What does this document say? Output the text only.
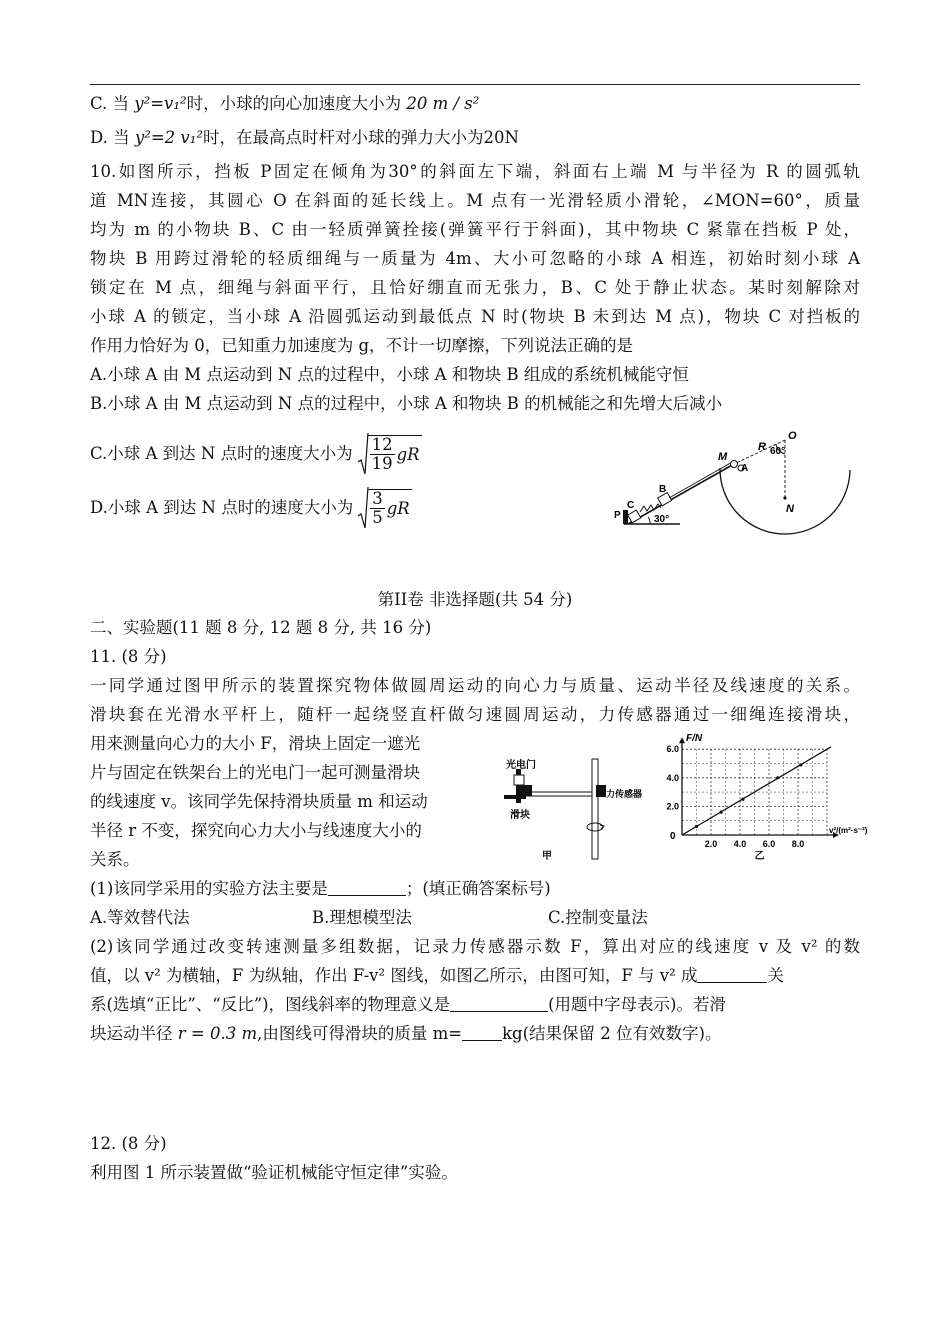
C. 当 y²=v₁²时，小球的向心加速度大小为 20 m / s²
D. 当 y²=2 v₁²时，在最高点时杆对小球的弹力大小为20N
10.如图所示，挡板 P固定在倾角为30°的斜面左下端，斜面右上端 M 与半径为 R 的圆弧轨
道 MN连接，其圆心 O 在斜面的延长线上。M 点有一光滑轻质小滑轮，∠MON=60°，质量
均为 m 的小物块 B、C 由一轻质弹簧拴接(弹簧平行于斜面)，其中物块 C 紧靠在挡板 P 处，
物块 B 用跨过滑轮的轻质细绳与一质量为 4m、大小可忽略的小球 A 相连，初始时刻小球 A
锁定在 M 点，细绳与斜面平行，且恰好绷直而无张力，B、C 处于静止状态。某时刻解除对
小球 A 的锁定，当小球 A 沿圆弧运动到最低点 N 时(物块 B 未到达 M 点)，物块 C 对挡板的
作用力恰好为 0，已知重力加速度为 g，不计一切摩擦，下列说法正确的是
A.小球 A 由 M 点运动到 N 点的过程中，小球 A 和物块 B 组成的系统机械能守恒
B.小球 A 由 M 点运动到 N 点的过程中，小球 A 和物块 B 的机械能之和先增大后减小
C.小球 A 到达 N 点时的速度大小为 12
19 gR
D.小球 A 到达 N 点时的速度大小为 3
5 gR
O
R 60°
M
A
B
C
P
N
30°
第II卷 非选择题(共 54 分)
二、实验题(11 题 8 分, 12 题 8 分, 共 16 分)
11. (8 分)
一同学通过图甲所示的装置探究物体做圆周运动的向心力与质量、运动半径及线速度的关系。
滑块套在光滑水平杆上，随杆一起绕竖直杆做匀速圆周运动，力传感器通过一细绳连接滑块，
用来测量向心力的大小 F，滑块上固定一遮光
片与固定在铁架台上的光电门一起可测量滑块
的线速度 v。该同学先保持滑块质量 m 和运动
半径 r 不变，探究向心力大小与线速度大小的
关系。
光电门
滑块
力传感器
甲
2.0 4.0 6.0 8.0
2.0
4.0
6.0
F/N
v²/(m²·s⁻²)
0
乙
(1)该同学采用的实验方法主要是	；(填正确答案标号)
A.等效替代法	B.理想模型法	C.控制变量法
(2)该同学通过改变转速测量多组数据，记录力传感器示数 F，算出对应的线速度 v 及 v² 的数
值，以 v² 为横轴，F 为纵轴，作出 F-v² 图线，如图乙所示，由图可知，F 与 v² 成	关
系(选填“正比”、“反比”)，图线斜率的物理意义是	(用题中字母表示)。若滑
块运动半径 r = 0.3 m,由图线可得滑块的质量 m= kg(结果保留 2 位有效数字)。
12. (8 分)
利用图 1 所示装置做“验证机械能守恒定律”实验。
